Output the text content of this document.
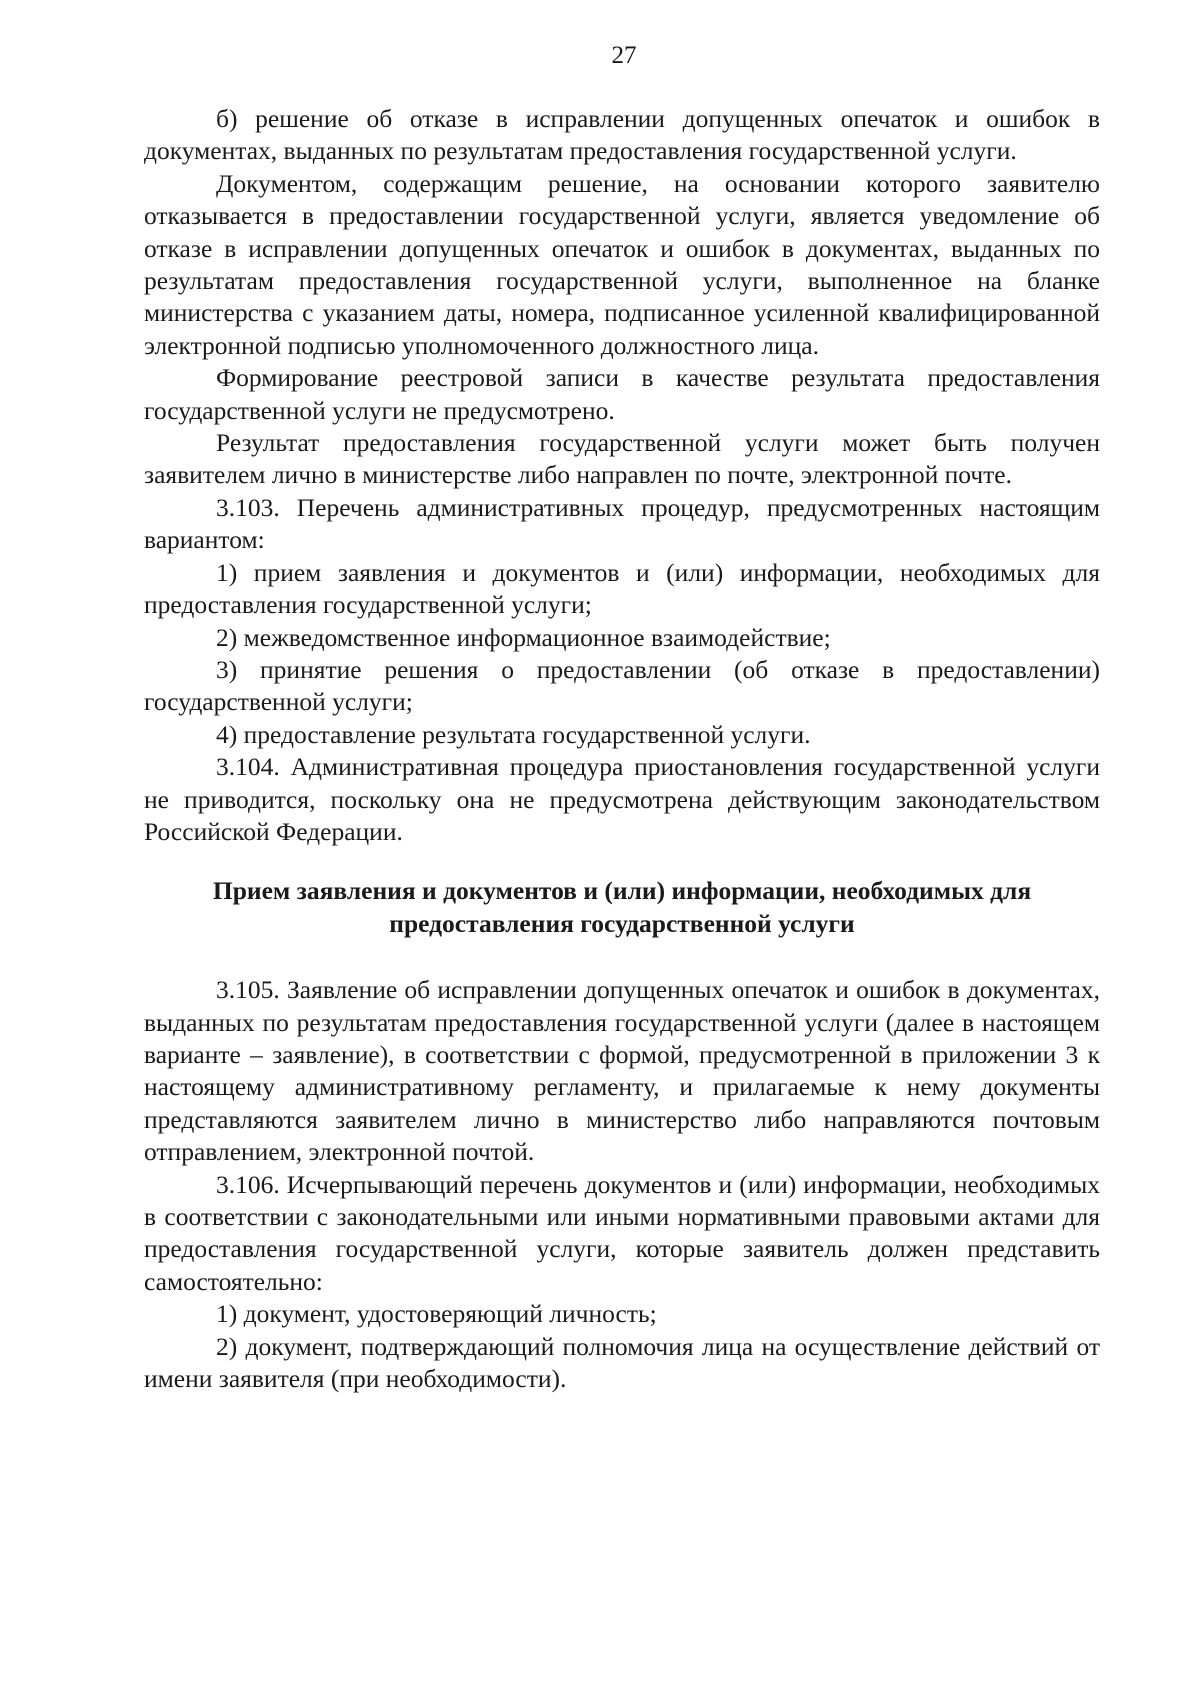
27

б) решение об отказе в исправлении допущенных опечаток и ошибок в документах, выданных по результатам предоставления государственной услуги.

Документом, содержащим решение, на основании которого заявителю отказывается в предоставлении государственной услуги, является уведомление об отказе в исправлении допущенных опечаток и ошибок в документах, выданных по результатам предоставления государственной услуги, выполненное на бланке министерства с указанием даты, номера, подписанное усиленной квалифицированной электронной подписью уполномоченного должностного лица.

Формирование реестровой записи в качестве результата предоставления государственной услуги не предусмотрено.

Результат предоставления государственной услуги может быть получен заявителем лично в министерстве либо направлен по почте, электронной почте.

3.103. Перечень административных процедур, предусмотренных настоящим вариантом:

1) прием заявления и документов и (или) информации, необходимых для предоставления государственной услуги;

2) межведомственное информационное взаимодействие;

3) принятие решения о предоставлении (об отказе в предоставлении) государственной услуги;

4) предоставление результата государственной услуги.

3.104. Административная процедура приостановления государственной услуги не приводится, поскольку она не предусмотрена действующим законодательством Российской Федерации.

Прием заявления и документов и (или) информации, необходимых для
предоставления государственной услуги

3.105. Заявление об исправлении допущенных опечаток и ошибок в документах, выданных по результатам предоставления государственной услуги (далее в настоящем варианте – заявление), в соответствии с формой, предусмотренной в приложении 3 к настоящему административному регламенту, и прилагаемые к нему документы представляются заявителем лично в министерство либо направляются почтовым отправлением, электронной почтой.

3.106. Исчерпывающий перечень документов и (или) информации, необходимых в соответствии с законодательными или иными нормативными правовыми актами для предоставления государственной услуги, которые заявитель должен представить самостоятельно:

1) документ, удостоверяющий личность;

2) документ, подтверждающий полномочия лица на осуществление действий от имени заявителя (при необходимости).
